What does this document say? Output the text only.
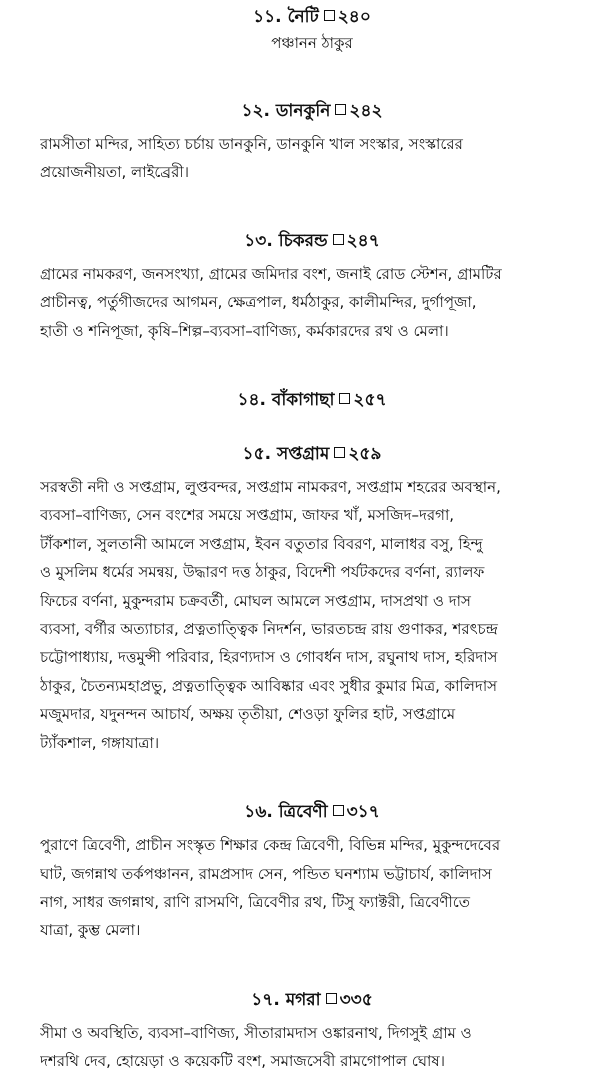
১১. নৈটি ২৪০

পঞ্চানন ঠাকুর

১২. ডানকুনি ২৪২

রামসীতা মন্দির, সাহিত্য চর্চায় ডানকুনি, ডানকুনি খাল সংস্কার, সংস্কারের
প্রয়োজনীয়তা, লাইব্রেরী।

১৩. চিকরন্ড ২৪৭

গ্রামের নামকরণ, জনসংখ্যা, গ্রামের জমিদার বংশ, জনাই রোড স্টেশন, গ্রামটির
প্রাচীনত্ব, পর্তুগীজদের আগমন, ক্ষেত্রপাল, ধর্মঠাকুর, কালীমন্দির, দুর্গাপূজা,
হাতী ও শনিপূজা, কৃষি–শিল্প–ব্যবসা–বাণিজ্য, কর্মকারদের রথ ও মেলা।

১৪. বাঁকাগাছা ২৫৭

১৫. সপ্তগ্রাম ২৫৯

সরস্বতী নদী ও সপ্তগ্রাম, লুপ্তবন্দর, সপ্তগ্রাম নামকরণ, সপ্তগ্রাম শহরের অবস্থান,
ব্যবসা–বাণিজ্য, সেন বংশের সময়ে সপ্তগ্রাম, জাফর খাঁ, মসজিদ–দরগা,
টাঁকশাল, সুলতানী আমলে সপ্তগ্রাম, ইবন বতুতার বিবরণ, মালাধর বসু, হিন্দু
ও মুসলিম ধর্মের সমন্বয়, উদ্ধারণ দত্ত ঠাকুর, বিদেশী পর্যটকদের বর্ণনা, র‍্যালফ
ফিচের বর্ণনা, মুকুন্দরাম চক্রবর্তী, মোঘল আমলে সপ্তগ্রাম, দাসপ্রথা ও দাস
ব্যবসা, বর্গীর অত্যাচার, প্রত্নতাত্ত্বিক নিদর্শন, ভারতচন্দ্র রায় গুণাকর, শরৎচন্দ্র
চট্টোপাধ্যায়, দত্তমুন্সী পরিবার, হিরণ্যদাস ও গোবর্ধন দাস, রঘুনাথ দাস, হরিদাস
ঠাকুর, চৈতন্যমহাপ্রভু, প্রত্নতাত্ত্বিক আবিষ্কার এবং সুধীর কুমার মিত্র, কালিদাস
মজুমদার, যদুনন্দন আচার্য, অক্ষয় তৃতীয়া, শেওড়া ফুলির হাট, সপ্তগ্রামে
ট্যাঁকশাল, গঙ্গাযাত্রা।

১৬. ত্রিবেণী ৩১৭

পুরাণে ত্রিবেণী, প্রাচীন সংস্কৃত শিক্ষার কেন্দ্র ত্রিবেণী, বিভিন্ন মন্দির, মুকুন্দদেবের
ঘাট, জগন্নাথ তর্কপঞ্চানন, রামপ্রসাদ সেন, পন্ডিত ঘনশ্যাম ভট্টাচার্য, কালিদাস
নাগ, সাধর জগন্নাথ, রাণি রাসমণি, ত্রিবেণীর রথ, টিসু ফ্যাক্টরী, ত্রিবেণীতে
যাত্রা, কুম্ভ মেলা।

১৭. মগরা ৩৩৫

সীমা ও অবস্থিতি, ব্যবসা–বাণিজ্য, সীতারামদাস ওঙ্কারনাথ, দিগসুই গ্রাম ও
দশরথি দেব, হোয়েড়া ও কয়েকটি বংশ, সমাজসেবী রামগোপাল ঘোষ।
